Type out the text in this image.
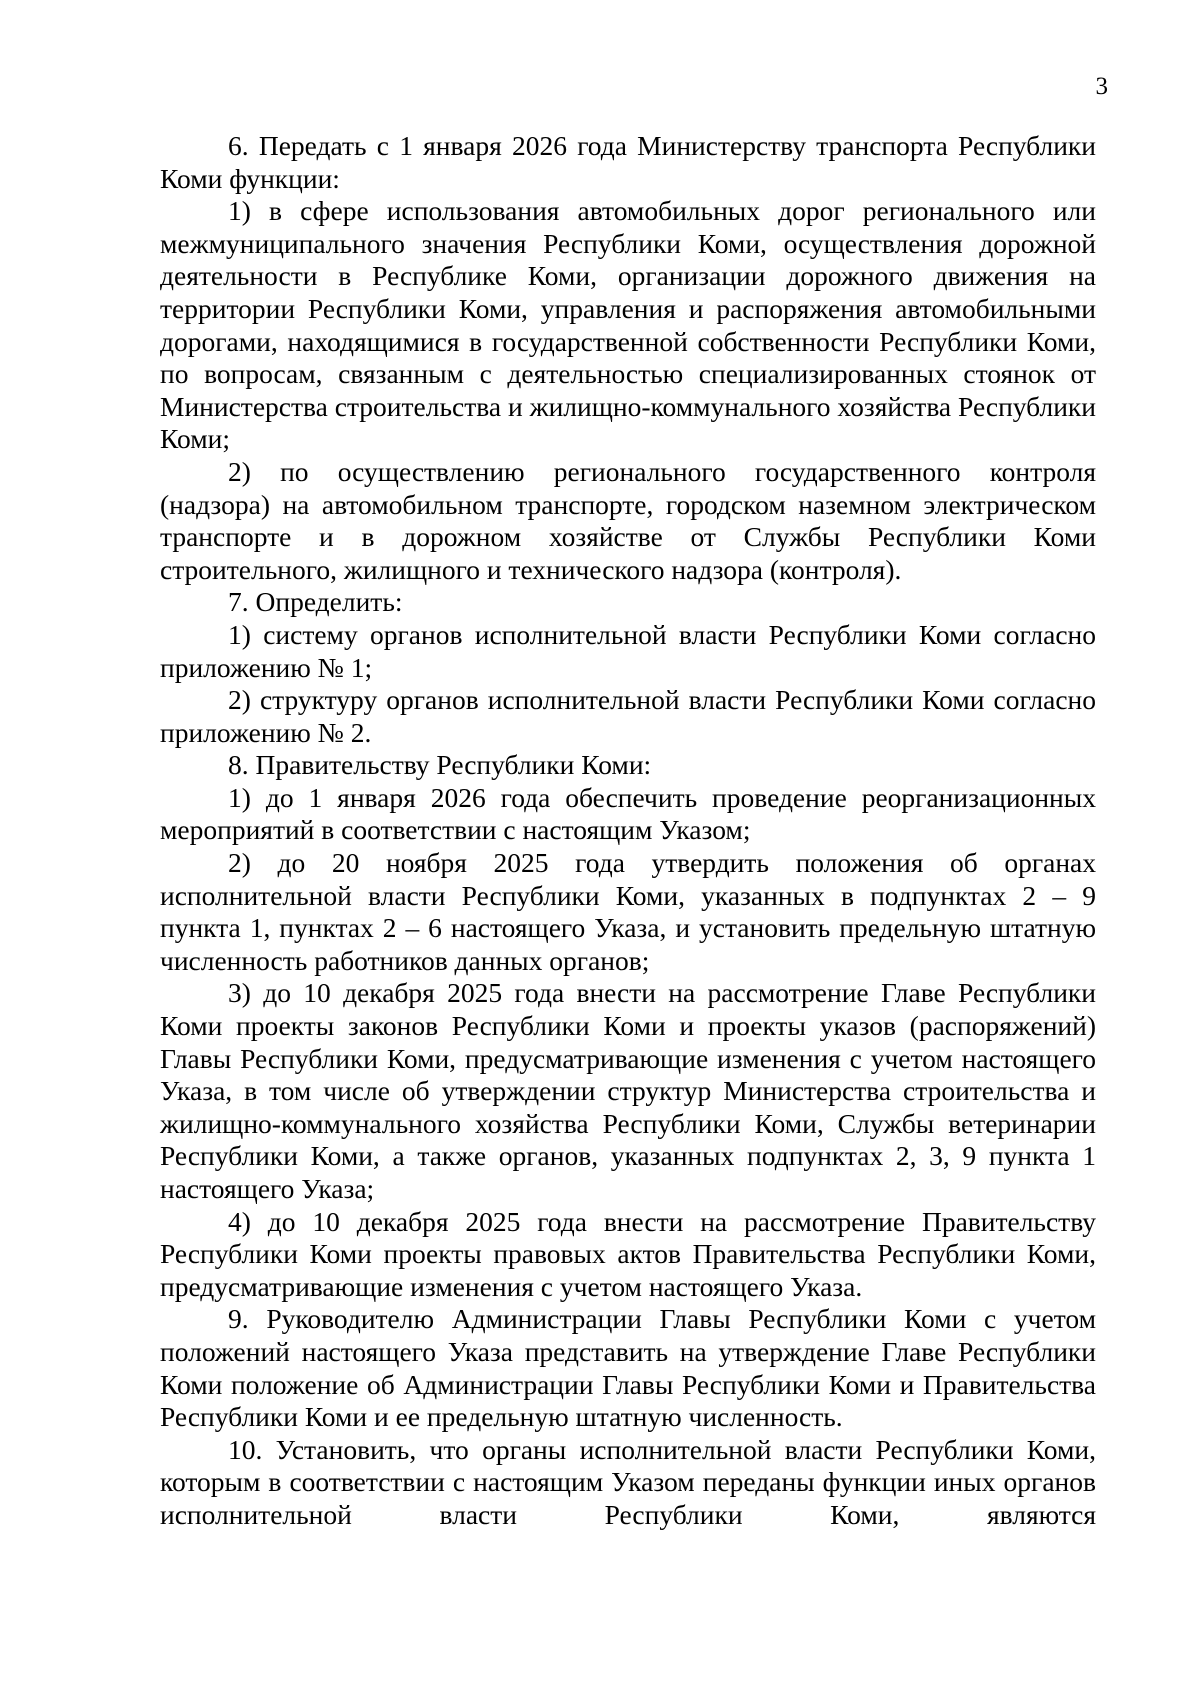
3

6. Передать с 1 января 2026 года Министерству транспорта Республики Коми функции:

1) в сфере использования автомобильных дорог регионального или межмуниципального значения Республики Коми, осуществления дорожной деятельности в Республике Коми, организации дорожного движения на территории Республики Коми, управления и распоряжения автомобильными дорогами, находящимися в государственной собственности Республики Коми, по вопросам, связанным с деятельностью специализированных стоянок от Министерства строительства и жилищно-коммунального хозяйства Республики Коми;

2) по осуществлению регионального государственного контроля (надзора) на автомобильном транспорте, городском наземном электрическом транспорте и в дорожном хозяйстве от Службы Республики Коми строительного, жилищного и технического надзора (контроля).

7. Определить:

1) систему органов исполнительной власти Республики Коми согласно приложению № 1;

2) структуру органов исполнительной власти Республики Коми согласно приложению № 2.

8. Правительству Республики Коми:

1) до 1 января 2026 года обеспечить проведение реорганизационных мероприятий в соответствии с настоящим Указом;

2) до 20 ноября 2025 года утвердить положения об органах исполнительной власти Республики Коми, указанных в подпунктах 2 – 9 пункта 1, пунктах 2 – 6 настоящего Указа, и установить предельную штатную численность работников данных органов;

3) до 10 декабря 2025 года внести на рассмотрение Главе Республики Коми проекты законов Республики Коми и проекты указов (распоряжений) Главы Республики Коми, предусматривающие изменения с учетом настоящего Указа, в том числе об утверждении структур Министерства строительства и жилищно-коммунального хозяйства Республики Коми, Службы ветеринарии Республики Коми, а также органов, указанных подпунктах 2, 3, 9 пункта 1 настоящего Указа;

4) до 10 декабря 2025 года внести на рассмотрение Правительству Республики Коми проекты правовых актов Правительства Республики Коми, предусматривающие изменения с учетом настоящего Указа.

9. Руководителю Администрации Главы Республики Коми с учетом положений настоящего Указа представить на утверждение Главе Республики Коми положение об Администрации Главы Республики Коми и Правительства Республики Коми и ее предельную штатную численность.

10. Установить, что органы исполнительной власти Республики Коми, которым в соответствии с настоящим Указом переданы функции иных органов исполнительной власти Республики Коми, являются
